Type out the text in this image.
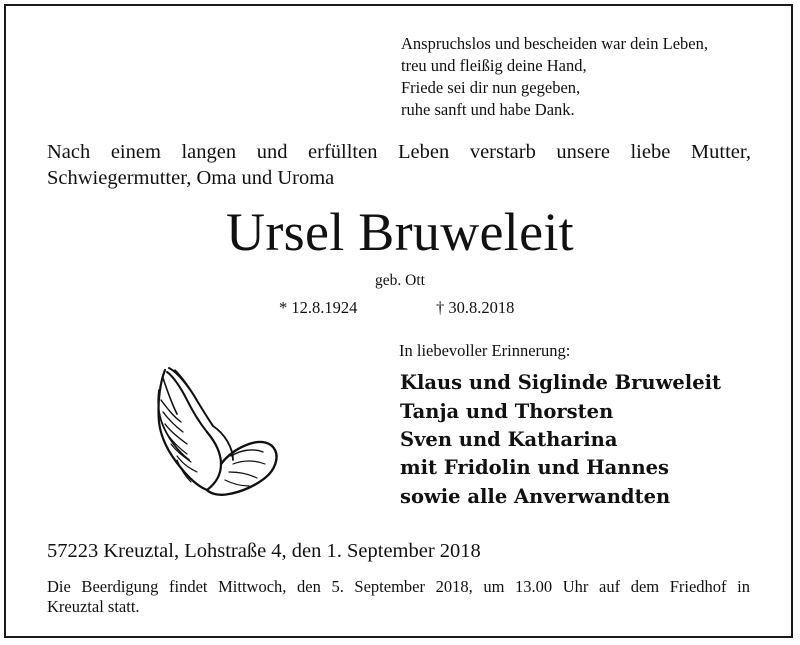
Anspruchslos und bescheiden war dein Leben,
treu und fleißig deine Hand,
Friede sei dir nun gegeben,
ruhe sanft und habe Dank.
Nach einem langen und erfüllten Leben verstarb unsere liebe Mutter,
Schwiegermutter, Oma und Uroma
Ursel Bruweleit
geb. Ott
* 12.8.1924	† 30.8.2018
In liebevoller Erinnerung:
Klaus und Siglinde Bruweleit
Tanja und Thorsten
Sven und Katharina
mit Fridolin und Hannes
sowie alle Anverwandten
57223 Kreuztal, Lohstraße 4, den 1. September 2018
Die Beerdigung findet Mittwoch, den 5. September 2018, um 13.00 Uhr auf dem Friedhof in
Kreuztal statt.
